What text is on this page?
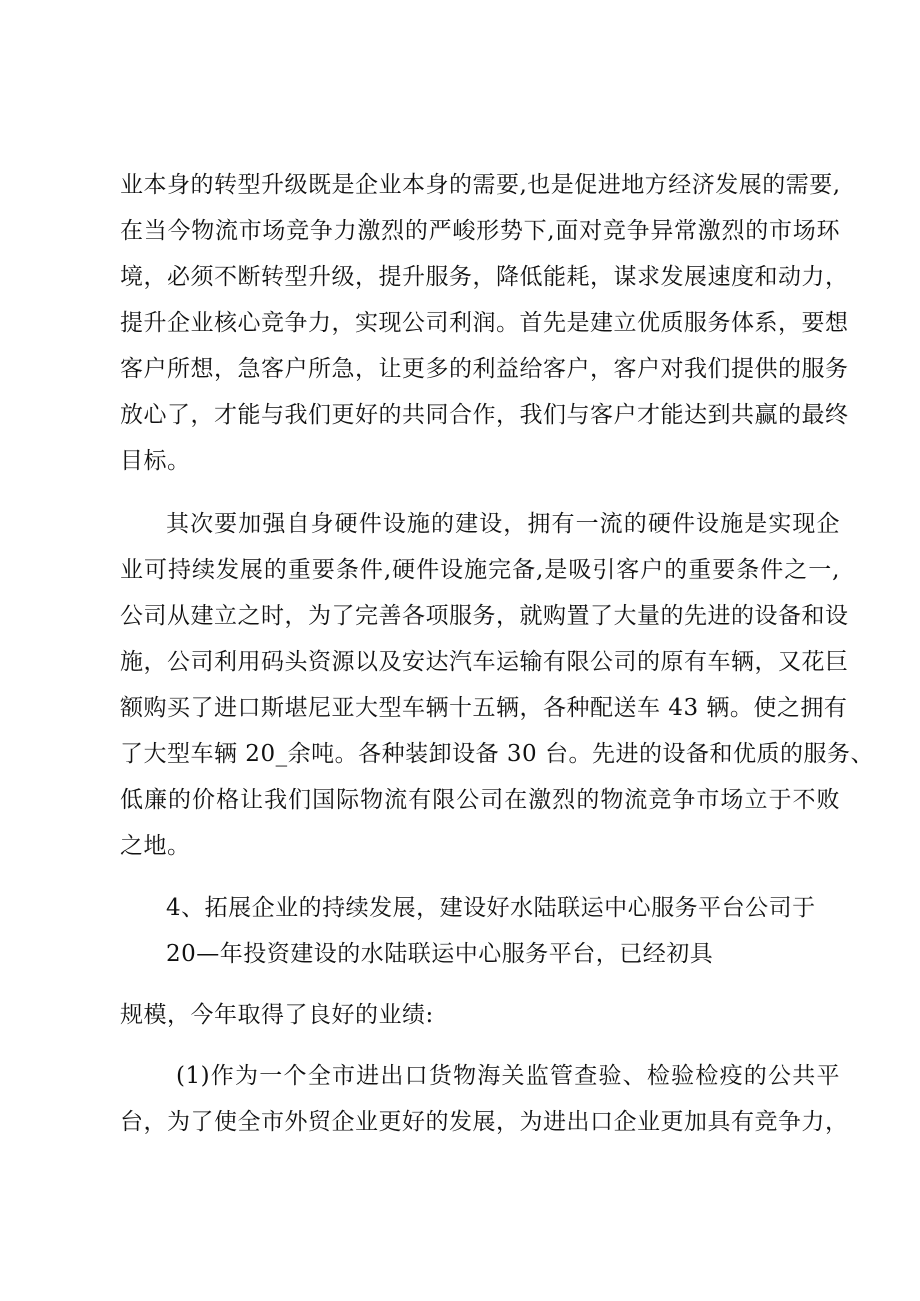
业本身的转型升级既是企业本身的需要,也是促进地方经济发展的需要,

在当今物流市场竞争力激烈的严峻形势下,面对竞争异常激烈的市场环

境，必须不断转型升级，提升服务，降低能耗，谋求发展速度和动力，

提升企业核心竞争力，实现公司利润。首先是建立优质服务体系，要想

客户所想，急客户所急，让更多的利益给客户，客户对我们提供的服务

放心了，才能与我们更好的共同合作，我们与客户才能达到共赢的最终

目标。

其次要加强自身硬件设施的建设，拥有一流的硬件设施是实现企

业可持续发展的重要条件,硬件设施完备,是吸引客户的重要条件之一,

公司从建立之时，为了完善各项服务，就购置了大量的先进的设备和设

施，公司利用码头资源以及安达汽车运输有限公司的原有车辆，又花巨

额购买了进口斯堪尼亚大型车辆十五辆，各种配送车 43 辆。使之拥有

了大型车辆 20_余吨。各种装卸设备 30 台。先进的设备和优质的服务、

低廉的价格让我们国际物流有限公司在激烈的物流竞争市场立于不败

之地。

4、拓展企业的持续发展，建设好水陆联运中心服务平台公司于

20—年投资建设的水陆联运中心服务平台，已经初具

规模，今年取得了良好的业绩:

(1)作为一个全市进出口货物海关监管查验、检验检疫的公共平

台，为了使全市外贸企业更好的发展，为进出口企业更加具有竞争力，
